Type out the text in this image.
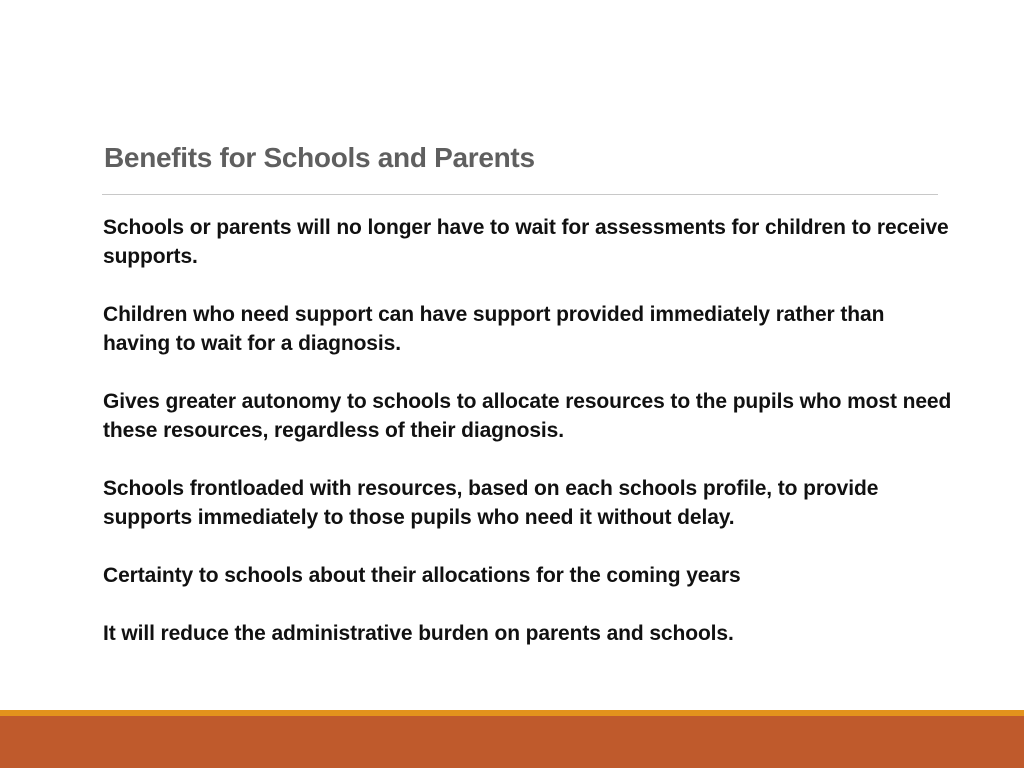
Benefits for Schools and Parents
Schools or parents will no longer have to wait for assessments for children to receive supports.
Children who need support can have support provided immediately rather than having to wait for a diagnosis.
Gives greater autonomy to schools to allocate resources to the pupils who most need these resources, regardless of their diagnosis.
Schools frontloaded with resources, based on each schools profile, to provide supports immediately to those pupils who need it without delay.
Certainty to schools about their allocations for the coming years
It will reduce the administrative burden on parents and schools.
